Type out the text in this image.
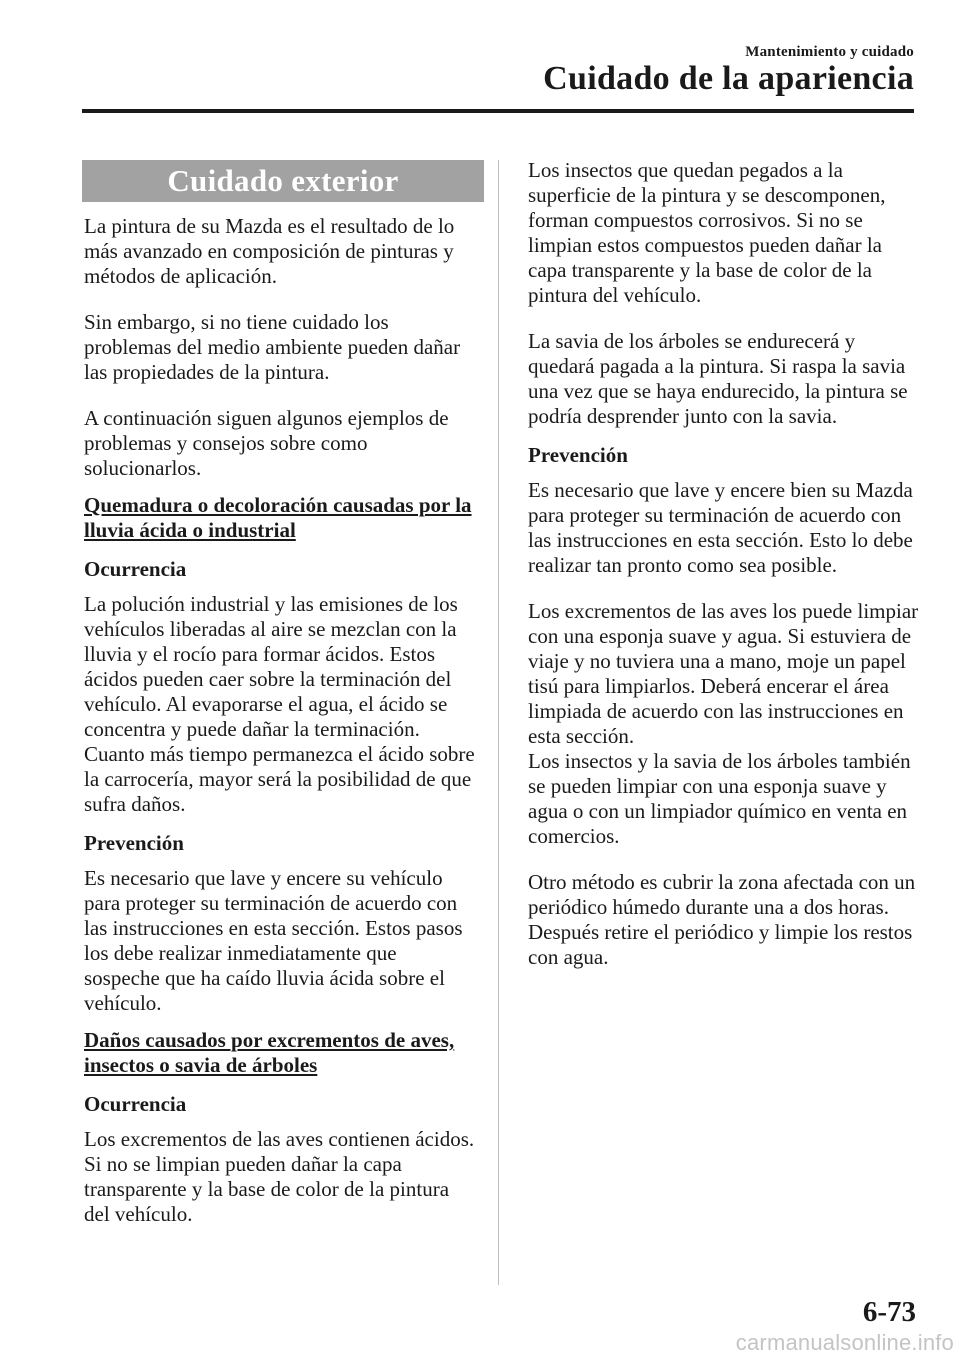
Mantenimiento y cuidado
Cuidado de la apariencia
Cuidado exterior

La pintura de su Mazda es el resultado de lo más avanzado en composición de pinturas y métodos de aplicación.

Sin embargo, si no tiene cuidado los problemas del medio ambiente pueden dañar las propiedades de la pintura.

A continuación siguen algunos ejemplos de problemas y consejos sobre como solucionarlos.

Quemadura o decoloración causadas por la lluvia ácida o industrial

Ocurrencia

La polución industrial y las emisiones de los vehículos liberadas al aire se mezclan con la lluvia y el rocío para formar ácidos. Estos ácidos pueden caer sobre la terminación del vehículo. Al evaporarse el agua, el ácido se concentra y puede dañar la terminación.

Cuanto más tiempo permanezca el ácido sobre la carrocería, mayor será la posibilidad de que sufra daños.

Prevención

Es necesario que lave y encere su vehículo para proteger su terminación de acuerdo con las instrucciones en esta sección. Estos pasos los debe realizar inmediatamente que sospeche que ha caído lluvia ácida sobre el vehículo.

Daños causados por excrementos de aves, insectos o savia de árboles

Ocurrencia

Los excrementos de las aves contienen ácidos. Si no se limpian pueden dañar la capa transparente y la base de color de la pintura del vehículo.

Los insectos que quedan pegados a la superficie de la pintura y se descomponen, forman compuestos corrosivos. Si no se limpian estos compuestos pueden dañar la capa transparente y la base de color de la pintura del vehículo.

La savia de los árboles se endurecerá y quedará pagada a la pintura. Si raspa la savia una vez que se haya endurecido, la pintura se podría desprender junto con la savia.

Prevención

Es necesario que lave y encere bien su Mazda para proteger su terminación de acuerdo con las instrucciones en esta sección. Esto lo debe realizar tan pronto como sea posible.

Los excrementos de las aves los puede limpiar con una esponja suave y agua. Si estuviera de viaje y no tuviera una a mano, moje un papel tisú para limpiarlos. Deberá encerar el área limpiada de acuerdo con las instrucciones en esta sección.

Los insectos y la savia de los árboles también se pueden limpiar con una esponja suave y agua o con un limpiador químico en venta en comercios.

Otro método es cubrir la zona afectada con un periódico húmedo durante una a dos horas. Después retire el periódico y limpie los restos con agua.

6-73
carmanualsonline.info
